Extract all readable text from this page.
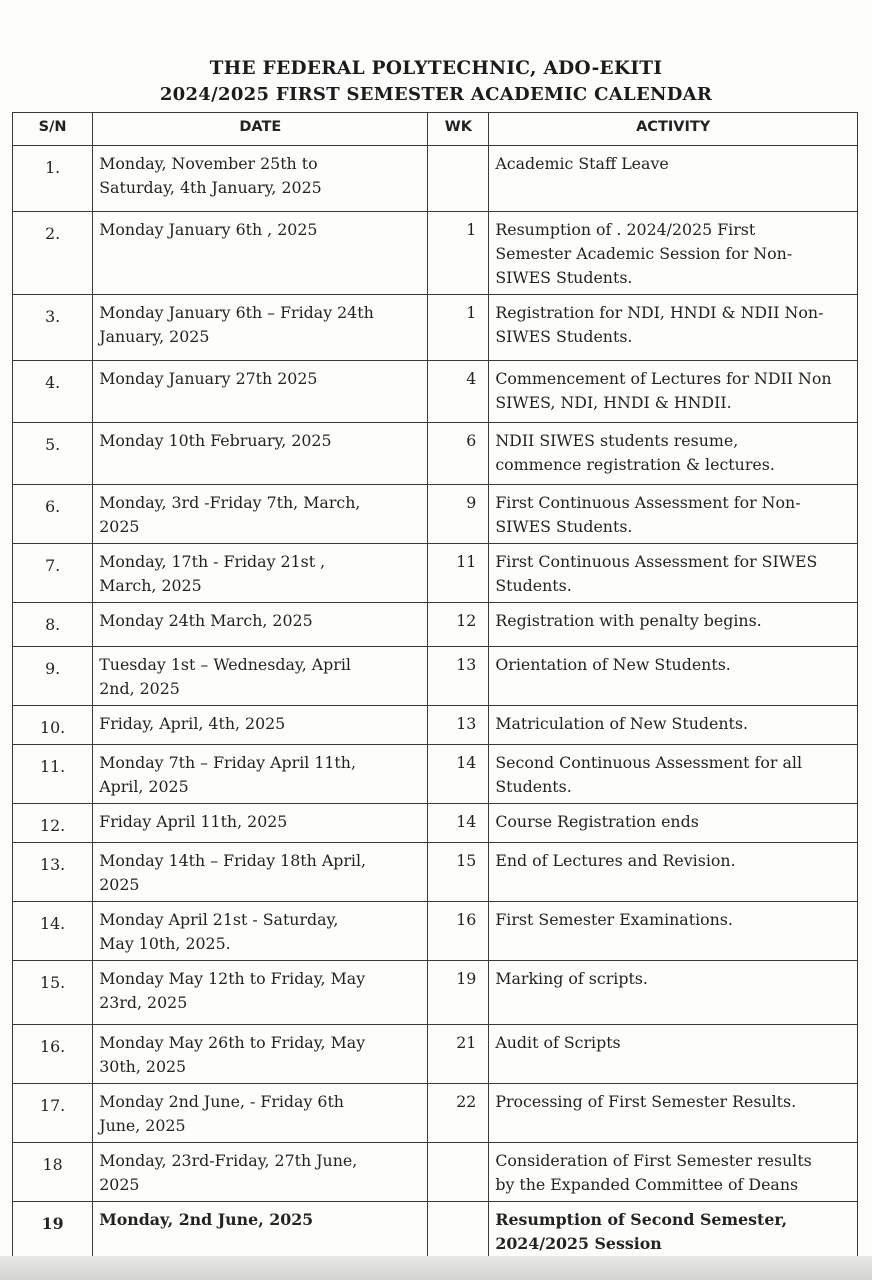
THE FEDERAL POLYTECHNIC, ADO-EKITI
2024/2025 FIRST SEMESTER ACADEMIC CALENDAR
S/N	DATE	WK	ACTIVITY
1.	Monday, November 25th to
Saturday, 4th January, 2025		Academic Staff Leave
2.	Monday January 6th , 2025	1	Resumption of . 2024/2025 First
Semester Academic Session for Non-
SIWES Students.
3.	Monday January 6th – Friday 24th
January, 2025	1	Registration for NDI, HNDI & NDII Non-
SIWES Students.
4.	Monday January 27th 2025	4	Commencement of Lectures for NDII Non
SIWES, NDI, HNDI & HNDII.
5.	Monday 10th February, 2025	6	NDII SIWES students resume,
commence registration & lectures.
6.	Monday, 3rd -Friday 7th, March,
2025	9	First Continuous Assessment for Non-
SIWES Students.
7.	Monday, 17th - Friday 21st ,
March, 2025	11	First Continuous Assessment for SIWES
Students.
8.	Monday 24th March, 2025	12	Registration with penalty begins.
9.	Tuesday 1st – Wednesday, April
2nd, 2025	13	Orientation of New Students.
10.	Friday, April, 4th, 2025	13	Matriculation of New Students.
11.	Monday 7th – Friday April 11th,
April, 2025	14	Second Continuous Assessment for all
Students.
12.	Friday April 11th, 2025	14	Course Registration ends
13.	Monday 14th – Friday 18th April,
2025	15	End of Lectures and Revision.
14.	Monday April 21st - Saturday,
May 10th, 2025.	16	First Semester Examinations.
15.	Monday May 12th to Friday, May
23rd, 2025	19	Marking of scripts.
16.	Monday May 26th to Friday, May
30th, 2025	21	Audit of Scripts
17.	Monday 2nd June, - Friday 6th
June, 2025	22	Processing of First Semester Results.
18	Monday, 23rd-Friday, 27th June,
2025		Consideration of First Semester results
by the Expanded Committee of Deans
19	Monday, 2nd June, 2025		Resumption of Second Semester,
2024/2025 Session
